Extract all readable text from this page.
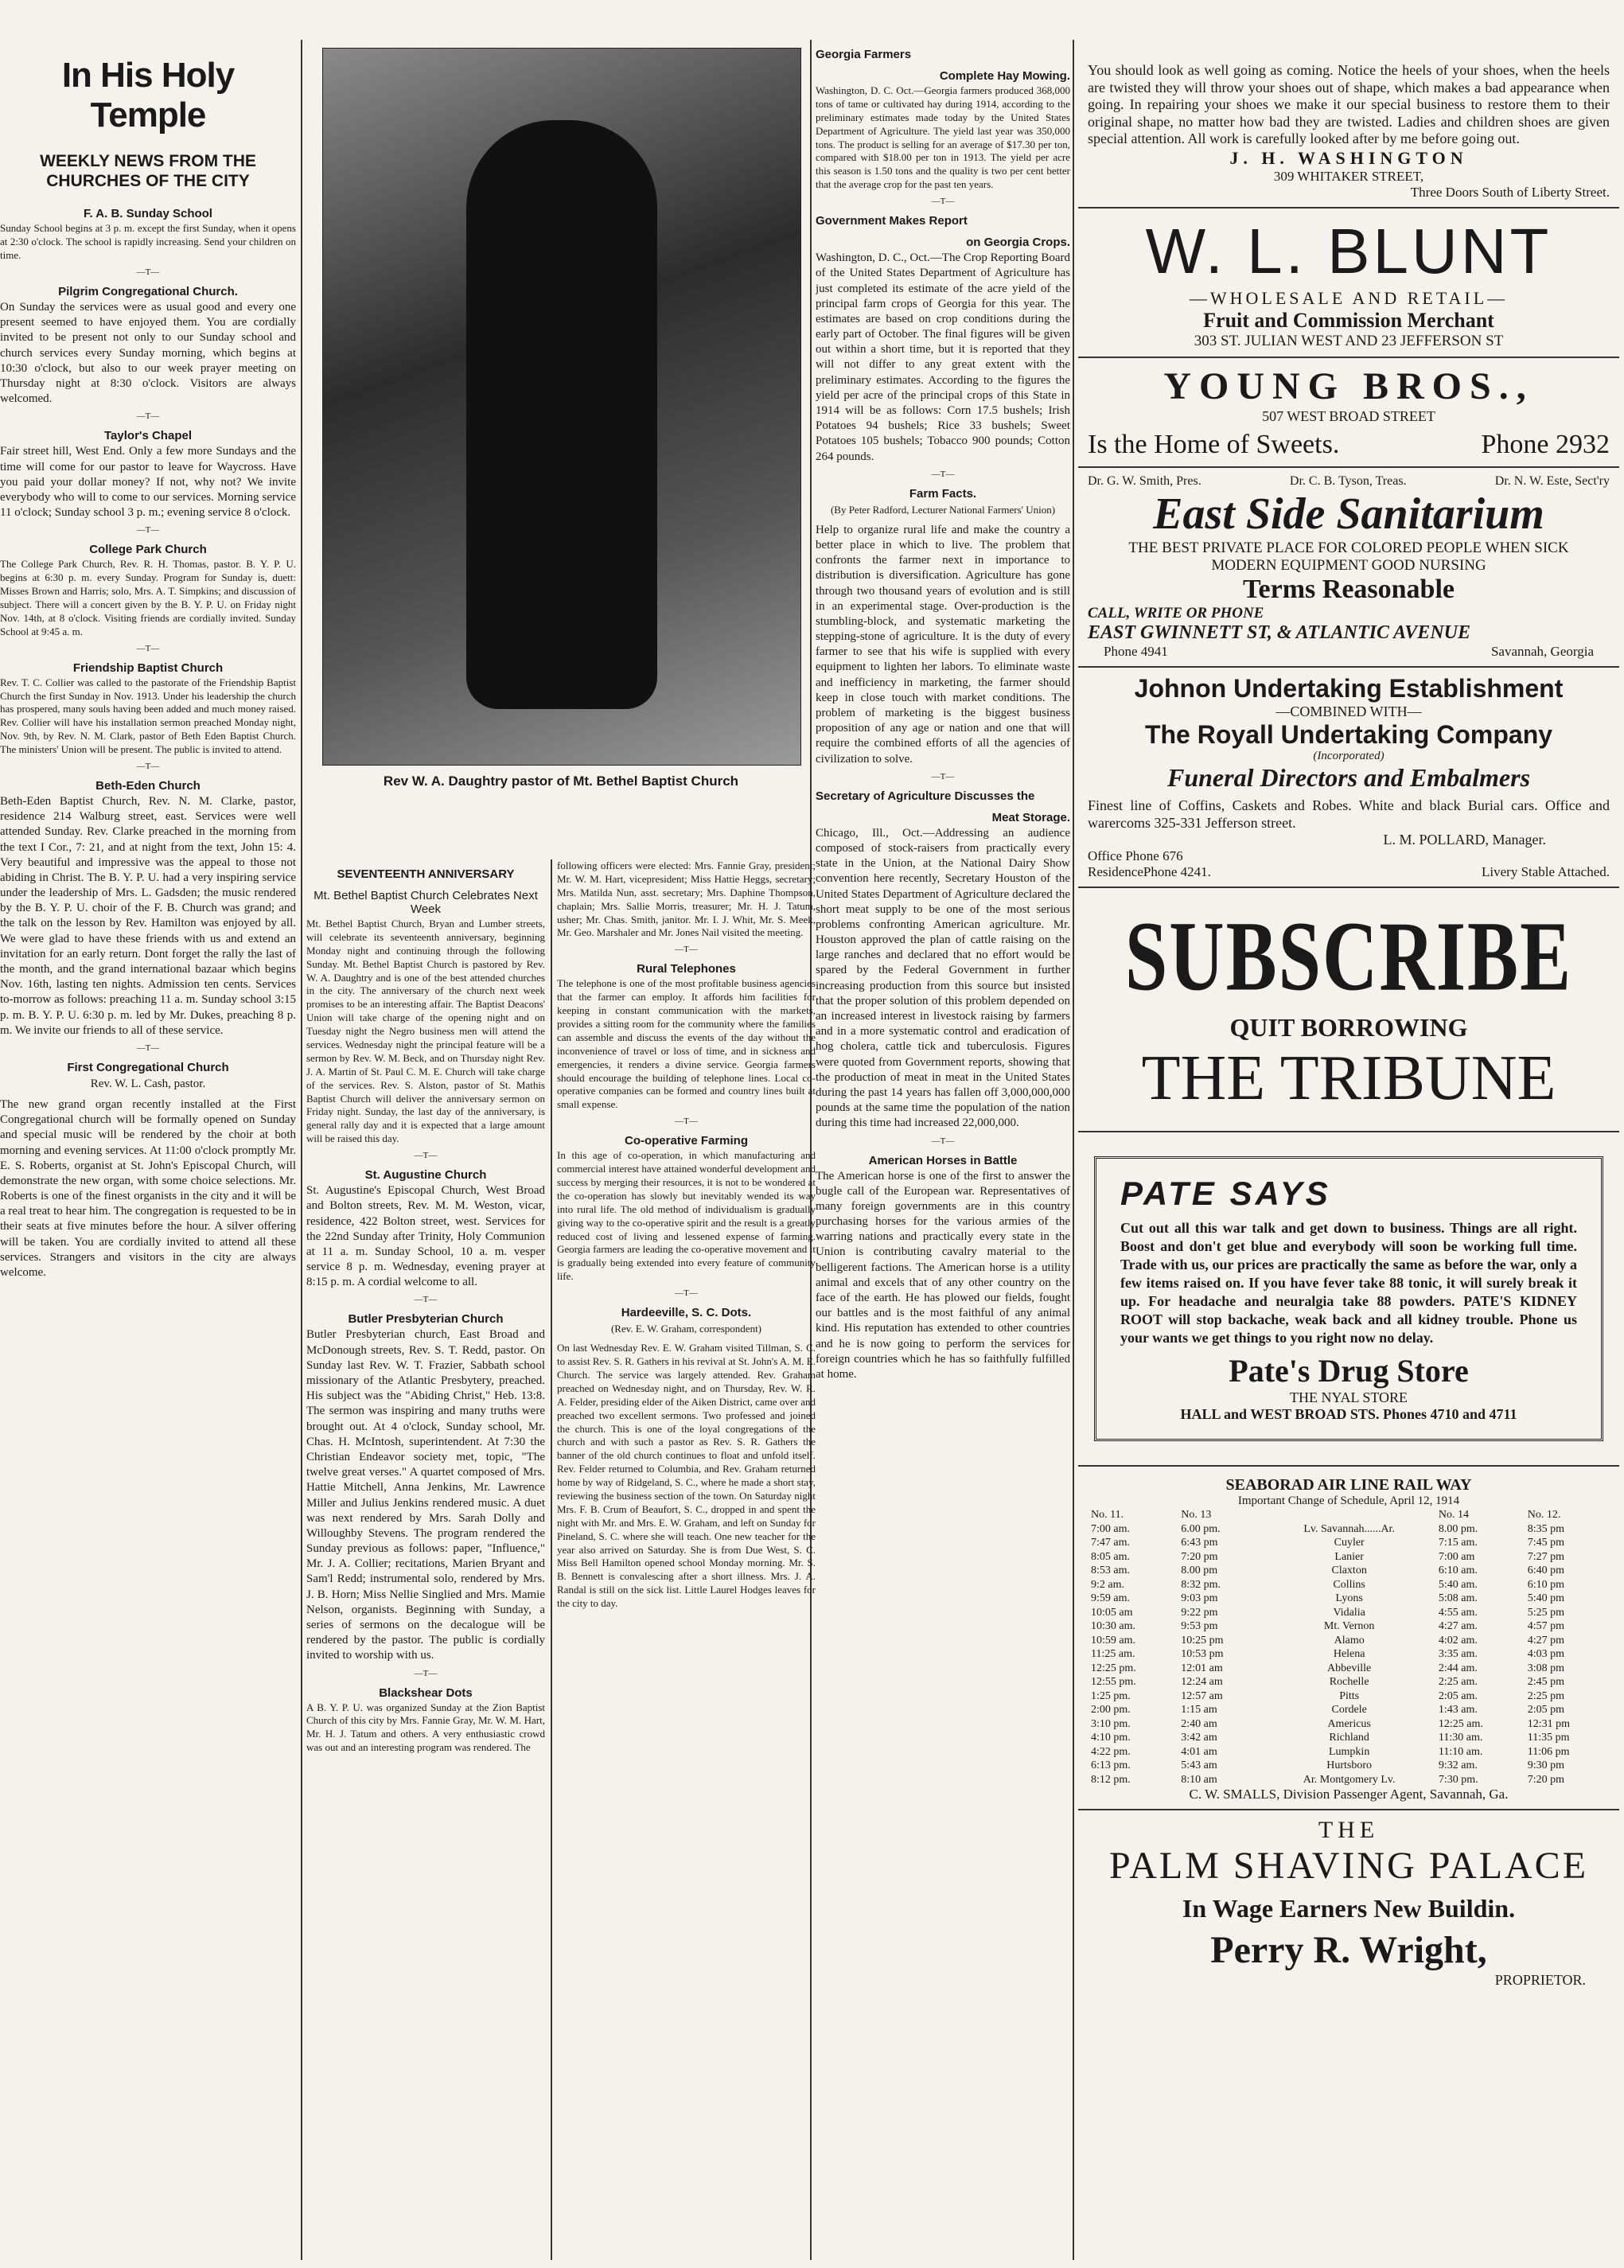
In His Holy Temple
WEEKLY NEWS FROM THE CHURCHES OF THE CITY
F. A. B. Sunday School

Sunday School begins at 3 p. m. except the first Sunday, when it opens at 2:30 o'clock. The school is rapidly increasing. Send your children on time.

—T—
Pilgrim Congregational Church.

On Sunday the services were as usual good and every one present seemed to have enjoyed them. You are cordially invited to be present not only to our Sunday school and church services every Sunday morning, which begins at 10:30 o'clock, but also to our week prayer meeting on Thursday night at 8:30 o'clock. Visitors are always welcomed.

—T—
Taylor's Chapel

Fair street hill, West End. Only a few more Sundays and the time will come for our pastor to leave for Waycross. Have you paid your dollar money? If not, why not? We invite everybody who will to come to our services. Morning service 11 o'clock; Sunday school 3 p. m.; evening service 8 o'clock.

—T—
College Park Church

The College Park Church, Rev. R. H. Thomas, pastor. B. Y. P. U. begins at 6:30 p. m. every Sunday. Program for Sunday is, duett: Misses Brown and Harris; solo, Mrs. A. T. Simpkins; and discussion of subject. There will a concert given by the B. Y. P. U. on Friday night Nov. 14th, at 8 o'clock. Visiting friends are cordially invited. Sunday School at 9:45 a. m.

—T—
Friendship Baptist Church

Rev. T. C. Collier was called to the pastorate of the Friendship Baptist Church the first Sunday in Nov. 1913. Under his leadership the church has prospered, many souls having been added and much money raised. Rev. Collier will have his installation sermon preached Monday night, Nov. 9th, by Rev. N. M. Clark, pastor of Beth Eden Baptist Church. The ministers' Union will be present. The public is invited to attend.

—T—
Beth-Eden Church

Beth-Eden Baptist Church, Rev. N. M. Clarke, pastor, residence 214 Walburg street, east. Services were well attended Sunday. Rev. Clarke preached in the morning from the text I Cor., 7: 21, and at night from the text, John 15: 4. Very beautiful and impressive was the appeal to those not abiding in Christ. The B. Y. P. U. had a very inspiring service under the leadership of Mrs. L. Gadsden; the music rendered by the B. Y. P. U. choir of the F. B. Church was grand; and the talk on the lesson by Rev. Hamilton was enjoyed by all. We were glad to have these friends with us and extend an invitation for an early return. Dont forget the rally the last of the month, and the grand international bazaar which begins Nov. 16th, lasting ten nights. Admission ten cents. Services to-morrow as follows: preaching 11 a. m. Sunday school 3:15 p. m. B. Y. P. U. 6:30 p. m. led by Mr. Dukes, preaching 8 p. m. We invite our friends to all of these service.

—T—
First Congregational Church
Rev. W. L. Cash, pastor.

The new grand organ recently installed at the First Congregational church will be formally opened on Sunday and special music will be rendered by the choir at both morning and evening services. At 11:00 o'clock promptly Mr. E. S. Roberts, organist at St. John's Episcopal Church, will demonstrate the new organ, with some choice selections. Mr. Roberts is one of the finest organists in the city and it will be a real treat to hear him. The congregation is requested to be in their seats at five minutes before the hour. A silver offering will be taken. You are cordially invited to attend all these services. Strangers and visitors in the city are always welcome.

Rev W. A. Daughtry pastor of Mt. Bethel Baptist Church
SEVENTEENTH ANNIVERSARY
Mt. Bethel Baptist Church Celebrates Next Week

Mt. Bethel Baptist Church, Bryan and Lumber streets, will celebrate its seventeenth anniversary, beginning Monday night and continuing through the following Sunday. Mt. Bethel Baptist Church is pastored by Rev. W. A. Daughtry and is one of the best attended churches in the city. The anniversary of the church next week promises to be an interesting affair. The Baptist Deacons' Union will take charge of the opening night and on Tuesday night the Negro business men will attend the services. Wednesday night the principal feature will be a sermon by Rev. W. M. Beck, and on Thursday night Rev. J. A. Martin of St. Paul C. M. E. Church will take charge of the services. Rev. S. Alston, pastor of St. Mathis Baptist Church will deliver the anniversary sermon on Friday night. Sunday, the last day of the anniversary, is general rally day and it is expected that a large amount will be raised this day.

—T—
St. Augustine Church

St. Augustine's Episcopal Church, West Broad and Bolton streets, Rev. M. M. Weston, vicar, residence, 422 Bolton street, west. Services for the 22nd Sunday after Trinity, Holy Communion at 11 a. m. Sunday School, 10 a. m. vesper service 8 p. m. Wednesday, evening prayer at 8:15 p. m. A cordial welcome to all.

—T—
Butler Presbyterian Church

Butler Presbyterian church, East Broad and McDonough streets, Rev. S. T. Redd, pastor. On Sunday last Rev. W. T. Frazier, Sabbath school missionary of the Atlantic Presbytery, preached. His subject was the "Abiding Christ," Heb. 13:8. The sermon was inspiring and many truths were brought out. At 4 o'clock, Sunday school, Mr. Chas. H. McIntosh, superintendent. At 7:30 the Christian Endeavor society met, topic, "The twelve great verses." A quartet composed of Mrs. Hattie Mitchell, Anna Jenkins, Mr. Lawrence Miller and Julius Jenkins rendered music. A duet was next rendered by Mrs. Sarah Dolly and Willoughby Stevens. The program rendered the Sunday previous as follows: paper, "Influence," Mr. J. A. Collier; recitations, Marien Bryant and Sam'l Redd; instrumental solo, rendered by Mrs. J. B. Horn; Miss Nellie Singlied and Mrs. Mamie Nelson, organists. Beginning with Sunday, a series of sermons on the decalogue will be rendered by the pastor. The public is cordially invited to worship with us.

—T—
Blackshear Dots

A B. Y. P. U. was organized Sunday at the Zion Baptist Church of this city by Mrs. Fannie Gray, Mr. W. M. Hart, Mr. H. J. Tatum and others. A very enthusiastic crowd was out and an interesting program was rendered. The

following officers were elected: Mrs. Fannie Gray, president; Mr. W. M. Hart, vicepresident; Miss Hattie Heggs, secretary; Mrs. Matilda Nun, asst. secretary; Mrs. Daphine Thompson, chaplain; Mrs. Sallie Morris, treasurer; Mr. H. J. Tatum, usher; Mr. Chas. Smith, janitor. Mr. I. J. Whit, Mr. S. Meek, Mr. Geo. Marshaler and Mr. Jones Nail visited the meeting.

—T—
Rural Telephones

The telephone is one of the most profitable business agencies that the farmer can employ. It affords him facilities for keeping in constant communication with the markets, provides a sitting room for the community where the families can assemble and discuss the events of the day without the inconvenience of travel or loss of time, and in sickness and emergencies, it renders a divine service. Georgia farmers should encourage the building of telephone lines. Local co-operative companies can be formed and country lines built at small expense.

—T—
Co-operative Farming

In this age of co-operation, in which manufacturing and commercial interest have attained wonderful development and success by merging their resources, it is not to be wondered at the co-operation has slowly but inevitably wended its way into rural life. The old method of individualism is gradually giving way to the co-operative spirit and the result is a greatly reduced cost of living and lessened expense of farming. Georgia farmers are leading the co-operative movement and it is gradually being extended into every feature of community life.

—T—
Hardeeville, S. C. Dots.
(Rev. E. W. Graham, correspondent)

On last Wednesday Rev. E. W. Graham visited Tillman, S. C. to assist Rev. S. R. Gathers in his revival at St. John's A. M. E. Church. The service was largely attended. Rev. Graham preached on Wednesday night, and on Thursday, Rev. W. R. A. Felder, presiding elder of the Aiken District, came over and preached two excellent sermons. Two professed and joined the church. This is one of the loyal congregations of the church and with such a pastor as Rev. S. R. Gathers the banner of the old church continues to float and unfold itself. Rev. Felder returned to Columbia, and Rev. Graham returned home by way of Ridgeland, S. C., where he made a short stay, reviewing the business section of the town. On Saturday night Mrs. F. B. Crum of Beaufort, S. C., dropped in and spent the night with Mr. and Mrs. E. W. Graham, and left on Sunday for Pineland, S. C. where she will teach. One new teacher for the year also arrived on Saturday. She is from Due West, S. C. Miss Bell Hamilton opened school Monday morning. Mr. S. B. Bennett is convalescing after a short illness. Mrs. J. A. Randal is still on the sick list. Little Laurel Hodges leaves for the city to day.

Georgia Farmers
Complete Hay Mowing.

Washington, D. C. Oct.—Georgia farmers produced 368,000 tons of tame or cultivated hay during 1914, according to the preliminary estimates made today by the United States Department of Agriculture. The yield last year was 350,000 tons. The product is selling for an average of $17.30 per ton, compared with $18.00 per ton in 1913. The yield per acre this season is 1.50 tons and the quality is two per cent better that the average crop for the past ten years.

—T—
Government Makes Report
on Georgia Crops.

Washington, D. C., Oct.—The Crop Reporting Board of the United States Department of Agriculture has just completed its estimate of the acre yield of the principal farm crops of Georgia for this year. The estimates are based on crop conditions during the early part of October. The final figures will be given out within a short time, but it is reported that they will not differ to any great extent with the preliminary estimates. According to the figures the yield per acre of the principal crops of this State in 1914 will be as follows: Corn 17.5 bushels; Irish Potatoes 94 bushels; Rice 33 bushels; Sweet Potatoes 105 bushels; Tobacco 900 pounds; Cotton 264 pounds.

—T—
Farm Facts.
(By Peter Radford, Lecturer National Farmers' Union)

Help to organize rural life and make the country a better place in which to live. The problem that confronts the farmer next in importance to distribution is diversification. Agriculture has gone through two thousand years of evolution and is still in an experimental stage. Over-production is the stumbling-block, and systematic marketing the stepping-stone of agriculture. It is the duty of every farmer to see that his wife is supplied with every equipment to lighten her labors. To eliminate waste and inefficiency in marketing, the farmer should keep in close touch with market conditions. The problem of marketing is the biggest business proposition of any age or nation and one that will require the combined efforts of all the agencies of civilization to solve.

—T—
Secretary of Agriculture Discusses the
Meat Storage.

Chicago, Ill., Oct.—Addressing an audience composed of stock-raisers from practically every state in the Union, at the National Dairy Show convention here recently, Secretary Houston of the United States Department of Agriculture declared the short meat supply to be one of the most serious problems confronting American agriculture. Mr. Houston approved the plan of cattle raising on the large ranches and declared that no effort would be spared by the Federal Government in further increasing production from this source but insisted that the proper solution of this problem depended on an increased interest in livestock raising by farmers and in a more systematic control and eradication of hog cholera, cattle tick and tuberculosis. Figures were quoted from Government reports, showing that the production of meat in meat in the United States during the past 14 years has fallen off 3,000,000,000 pounds at the same time the population of the nation during this time had increased 22,000,000.

—T—
American Horses in Battle

The American horse is one of the first to answer the bugle call of the European war. Representatives of many foreign governments are in this country purchasing horses for the various armies of the warring nations and practically every state in the Union is contributing cavalry material to the belligerent factions. The American horse is a utility animal and excels that of any other country on the face of the earth. He has plowed our fields, fought our battles and is the most faithful of any animal kind. His reputation has extended to other countries and he is now going to perform the services for foreign countries which he has so faithfully fulfilled at home.

You should look as well going as coming. Notice the heels of your shoes, when the heels are twisted they will throw your shoes out of shape, which makes a bad appearance when going. In repairing your shoes we make it our special business to restore them to their original shape, no matter how bad they are twisted. Ladies and children shoes are given special attention. All work is carefully looked after by me before going out.

J. H. WASHINGTON
309 WHITAKER STREET,
Three Doors South of Liberty Street.
W. L. BLUNT
—WHOLESALE AND RETAIL—
Fruit and Commission Merchant
303 ST. JULIAN WEST AND 23 JEFFERSON ST
YOUNG BROS.,
507 WEST BROAD STREET
Is the Home of Sweets.	Phone 2932
Dr. G. W. Smith, Pres.	Dr. C. B. Tyson, Treas.	Dr. N. W. Este, Sect'ry
East Side Sanitarium
THE BEST PRIVATE PLACE FOR COLORED PEOPLE WHEN SICK
MODERN EQUIPMENT GOOD NURSING
Terms Reasonable
CALL, WRITE OR PHONE
EAST GWINNETT ST, & ATLANTIC AVENUE
Phone 4941	Savannah, Georgia
Johnon Undertaking Establishment
—COMBINED WITH—
The Royall Undertaking Company
(Incorporated)
Funeral Directors and Embalmers

Finest line of Coffins, Caskets and Robes. White and black Burial cars. Office and warercoms 325-331 Jefferson street.

L. M. POLLARD, Manager.
Office Phone 676
ResidencePhone 4241.	Livery Stable Attached.
SUBSCRIBE
QUIT BORROWING
THE TRIBUNE
PATE SAYS

Cut out all this war talk and get down to business. Things are all right. Boost and don't get blue and everybody will soon be working full time. Trade with us, our prices are practically the same as before the war, only a few items raised on. If you have fever take 88 tonic, it will surely break it up. For headache and neuralgia take 88 powders. PATE'S KIDNEY ROOT will stop backache, weak back and all kidney trouble. Phone us your wants we get things to you right now no delay.

Pate's Drug Store
THE NYAL STORE
HALL and WEST BROAD STS. Phones 4710 and 4711
SEABORAD AIR LINE RAIL WAY
Important Change of Schedule, April 12, 1914
No. 11.	No. 13		No. 14	No. 12.
7:00 am.	6.00 pm.	Lv. Savannah......Ar.	8.00 pm.	8:35 pm
7:47 am.	6:43 pm	Cuyler	7:15 am.	7:45 pm
8:05 am.	7:20 pm	Lanier	7:00 am	7:27 pm
8:53 am.	8.00 pm	Claxton	6:10 am.	6:40 pm
9:2 am.	8:32 pm.	Collins	5:40 am.	6:10 pm
9:59 am.	9:03 pm	Lyons	5:08 am.	5:40 pm
10:05 am	9:22 pm	Vidalia	4:55 am.	5:25 pm
10:30 am.	9:53 pm	Mt. Vernon	4:27 am.	4:57 pm
10:59 am.	10:25 pm	Alamo	4:02 am.	4:27 pm
11:25 am.	10:53 pm	Helena	3:35 am.	4:03 pm
12:25 pm.	12:01 am	Abbeville	2:44 am.	3:08 pm
12:55 pm.	12:24 am	Rochelle	2:25 am.	2:45 pm
1:25 pm.	12:57 am	Pitts	2:05 am.	2:25 pm
2:00 pm.	1:15 am	Cordele	1:43 am.	2:05 pm
3:10 pm.	2:40 am	Americus	12:25 am.	12:31 pm
4:10 pm.	3:42 am	Richland	11:30 am.	11:35 pm
4:22 pm.	4:01 am	Lumpkin	11:10 am.	11:06 pm
6:13 pm.	5:43 am	Hurtsboro	9:32 am.	9:30 pm
8:12 pm.	8:10 am	Ar. Montgomery Lv.	7:30 pm.	7:20 pm
C. W. SMALLS, Division Passenger Agent, Savannah, Ga.
THE
PALM SHAVING PALACE
In Wage Earners New Buildin.
Perry R. Wright,
PROPRIETOR.
